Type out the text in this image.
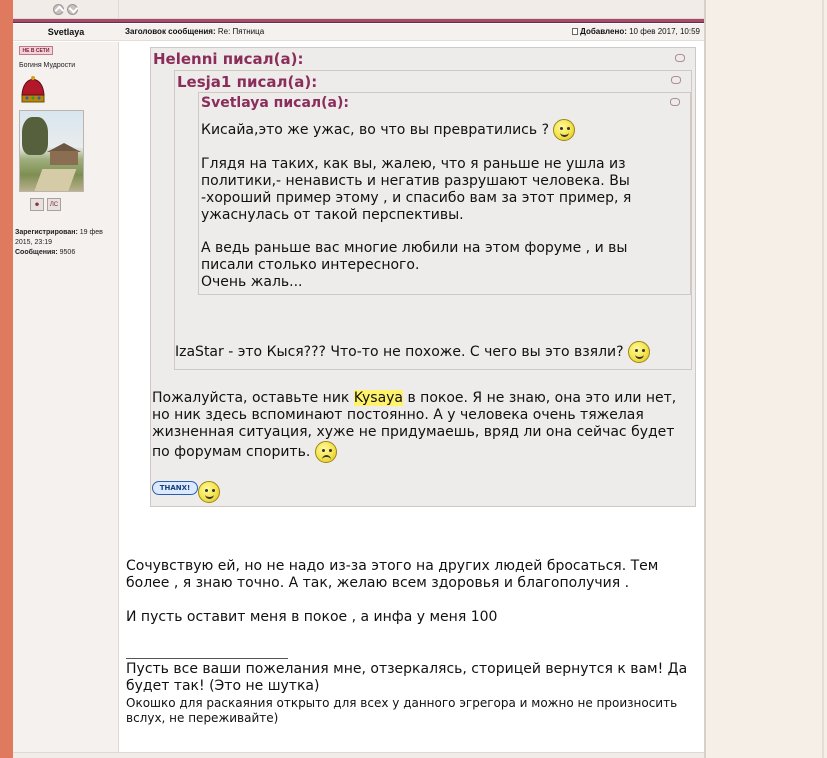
Svetlaya	Заголовок сообщения: Re: Пятница	Добавлено: 10 фев 2017, 10:59
НЕ В СЕТИ
Богиня Мудрости
☻ ЛС
Зарегистрирован: 19 фев 2015, 23:19
Сообщения: 9506
Helenni писал(а):
Lesja1 писал(а):
Svetlaya писал(а):
Кисайа,это же ужас, во что вы превратились ?
Глядя на таких, как вы, жалею, что я раньше не ушла из политики,- ненависть и негатив разрушают человека. Вы -хороший пример этому , и спасибо вам за этот пример, я ужаснулась от такой перспективы.
А ведь раньше вас многие любили на этом форуме , и вы писали столько интересного.
Очень жаль...
IzaStar - это Кыся??? Что-то не похоже. С чего вы это взяли?
Пожалуйста, оставьте ник Kysaya в покое. Я не знаю, она это или нет, но ник здесь вспоминают постоянно. А у человека очень тяжелая жизненная ситуация, хуже не придумаешь, вряд ли она сейчас будет по форумам спорить.
THANX!
Сочувствую ей, но не надо из-за этого на других людей бросаться. Тем более , я знаю точно. А так, желаю всем здоровья и благополучия .
И пусть оставит меня в покое , а инфа у меня 100
Пусть все ваши пожелания мне, отзеркалясь, сторицей вернутся к вам! Да будет так! (Это не шутка)
Окошко для раскаяния открыто для всех у данного эгрегора и можно не произносить вслух, не переживайте)
